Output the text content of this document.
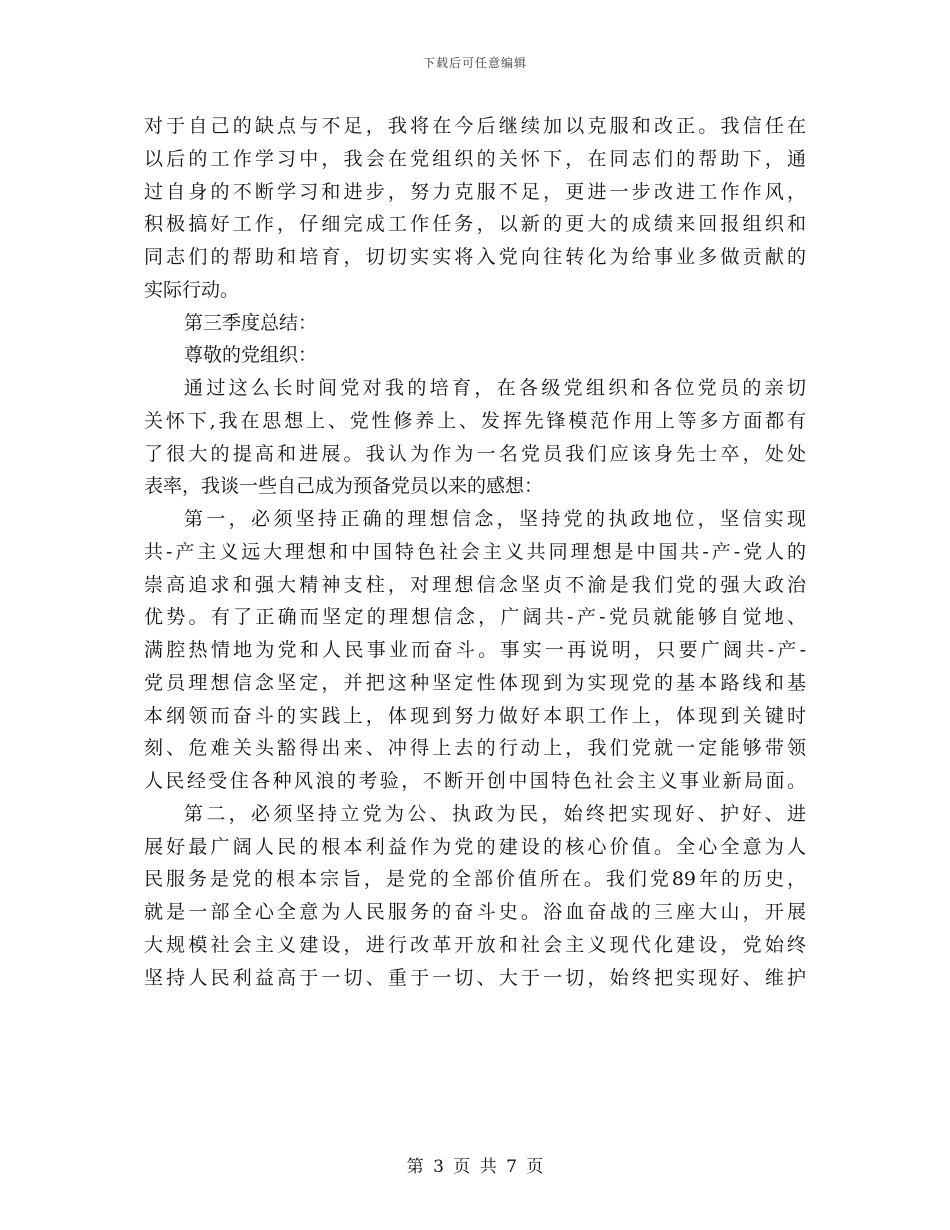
下载后可任意编辑
对于自己的缺点与不足，我将在今后继续加以克服和改正。我信任在
以后的工作学习中，我会在党组织的关怀下，在同志们的帮助下，通
过自身的不断学习和进步，努力克服不足，更进一步改进工作作风，
积极搞好工作，仔细完成工作任务，以新的更大的成绩来回报组织和
同志们的帮助和培育，切切实实将入党向往转化为给事业多做贡献的
实际行动。
第三季度总结：
尊敬的党组织：
通过这么长时间党对我的培育，在各级党组织和各位党员的亲切
关怀下,我在思想上、党性修养上、发挥先锋模范作用上等多方面都有
了很大的提高和进展。我认为作为一名党员我们应该身先士卒，处处
表率，我谈一些自己成为预备党员以来的感想：
第一，必须坚持正确的理想信念，坚持党的执政地位，坚信实现
共-产主义远大理想和中国特色社会主义共同理想是中国共-产-党人的
崇高追求和强大精神支柱，对理想信念坚贞不渝是我们党的强大政治
优势。有了正确而坚定的理想信念，广阔共-产-党员就能够自觉地、
满腔热情地为党和人民事业而奋斗。事实一再说明，只要广阔共-产-
党员理想信念坚定，并把这种坚定性体现到为实现党的基本路线和基
本纲领而奋斗的实践上，体现到努力做好本职工作上，体现到关键时
刻、危难关头豁得出来、冲得上去的行动上，我们党就一定能够带领
人民经受住各种风浪的考验，不断开创中国特色社会主义事业新局面。
第二，必须坚持立党为公、执政为民，始终把实现好、护好、进
展好最广阔人民的根本利益作为党的建设的核心价值。全心全意为人
民服务是党的根本宗旨，是党的全部价值所在。我们党89年的历史，
就是一部全心全意为人民服务的奋斗史。浴血奋战的三座大山，开展
大规模社会主义建设，进行改革开放和社会主义现代化建设，党始终
坚持人民利益高于一切、重于一切、大于一切，始终把实现好、维护
第 3 页 共 7 页
